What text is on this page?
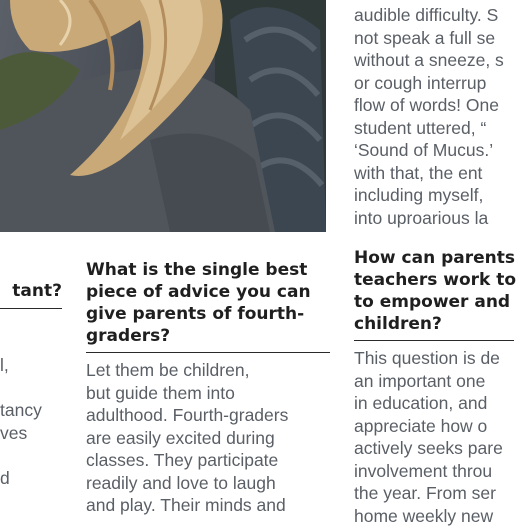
tant?

l,

tancy
ves

d

What is the single best

piece of advice you can

give parents of fourth-

graders?

Let them be children,
but guide them into
adulthood. Fourth-graders
are easily excited during
classes. They participate
readily and love to laugh
and play. Their minds and
audible difficulty. S
not speak a full se
without a sneeze, s
or cough interrup
flow of words! One
student uttered, “
‘Sound of Mucus.’
with that, the ent
including myself,
into uproarious la

How can parents

teachers work to

to empower and

children?

This question is de
an important one
in education, and
appreciate how o
actively seeks pare
involvement throu
the year. From ser
home weekly new
